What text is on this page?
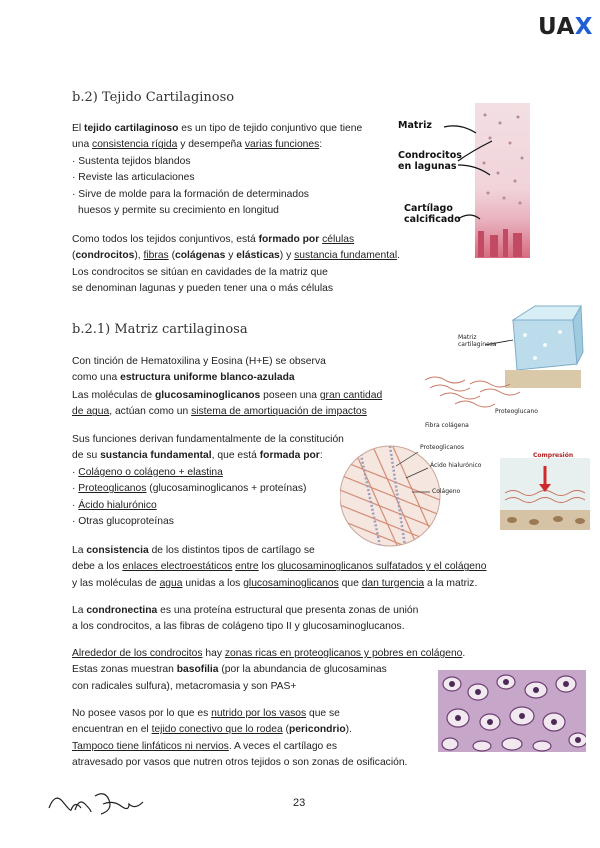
UAX
b.2) Tejido Cartilaginoso
El tejido cartilaginoso es un tipo de tejido conjuntivo que tiene
una consistencia rígida y desempeña varias funciones:
· Sustenta tejidos blandos
· Reviste las articulaciones
· Sirve de molde para la formación de determinados
huesos y permite su crecimiento en longitud
Como todos los tejidos conjuntivos, está formado por células
(condrocitos), fibras (colágenas y elásticas) y sustancia fundamental.
Los condrocitos se sitúan en cavidades de la matriz que
se denominan lagunas y pueden tener una o más células
Matriz
Condrocitos
en lagunas
Cartílago
calcificado
b.2.1) Matriz cartilaginosa
Con tinción de Hematoxilina y Eosina (H+E) se observa
como una estructura uniforme blanco-azulada
Las moléculas de glucosaminoglicanos poseen una gran cantidad
de agua, actúan como un sistema de amortiquación de impactos
Sus funciones derivan fundamentalmente de la constitución
de su sustancia fundamental, que está formada por:
· Colágeno o colágeno + elastina
· Proteoglicanos (glucosaminoglicanos + proteínas)
· Ácido hialurónico
· Otras glucoproteínas
La consistencia de los distintos tipos de cartílago se
debe a los enlaces electroestáticos entre los glucosaminoglicanos sulfatados y el colágeno
y las moléculas de agua unidas a los glucosaminoglicanos que dan turgencia a la matriz.
La condronectina es una proteína estructural que presenta zonas de unión
a los condrocitos, a las fibras de colágeno tipo II y glucosaminoglucanos.
Alrededor de los condrocitos hay zonas ricas en proteoglicanos y pobres en colágeno.
Estas zonas muestran basofilia (por la abundancia de glucosaminas
con radicales sulfura), metacromasia y son PAS+
No posee vasos por lo que es nutrido por los vasos que se
encuentran en el tejido conectivo que lo rodea (pericondrio).
Tampoco tiene linfáticos ni nervios. A veces el cartílago es
atravesado por vasos que nutren otros tejidos o son zonas de osificación.
Matriz
cartilaginosa
Proteoglucano
Fibra colágena
Proteoglicanos
Ácido hialurónico
Colágeno
Compresión
23
